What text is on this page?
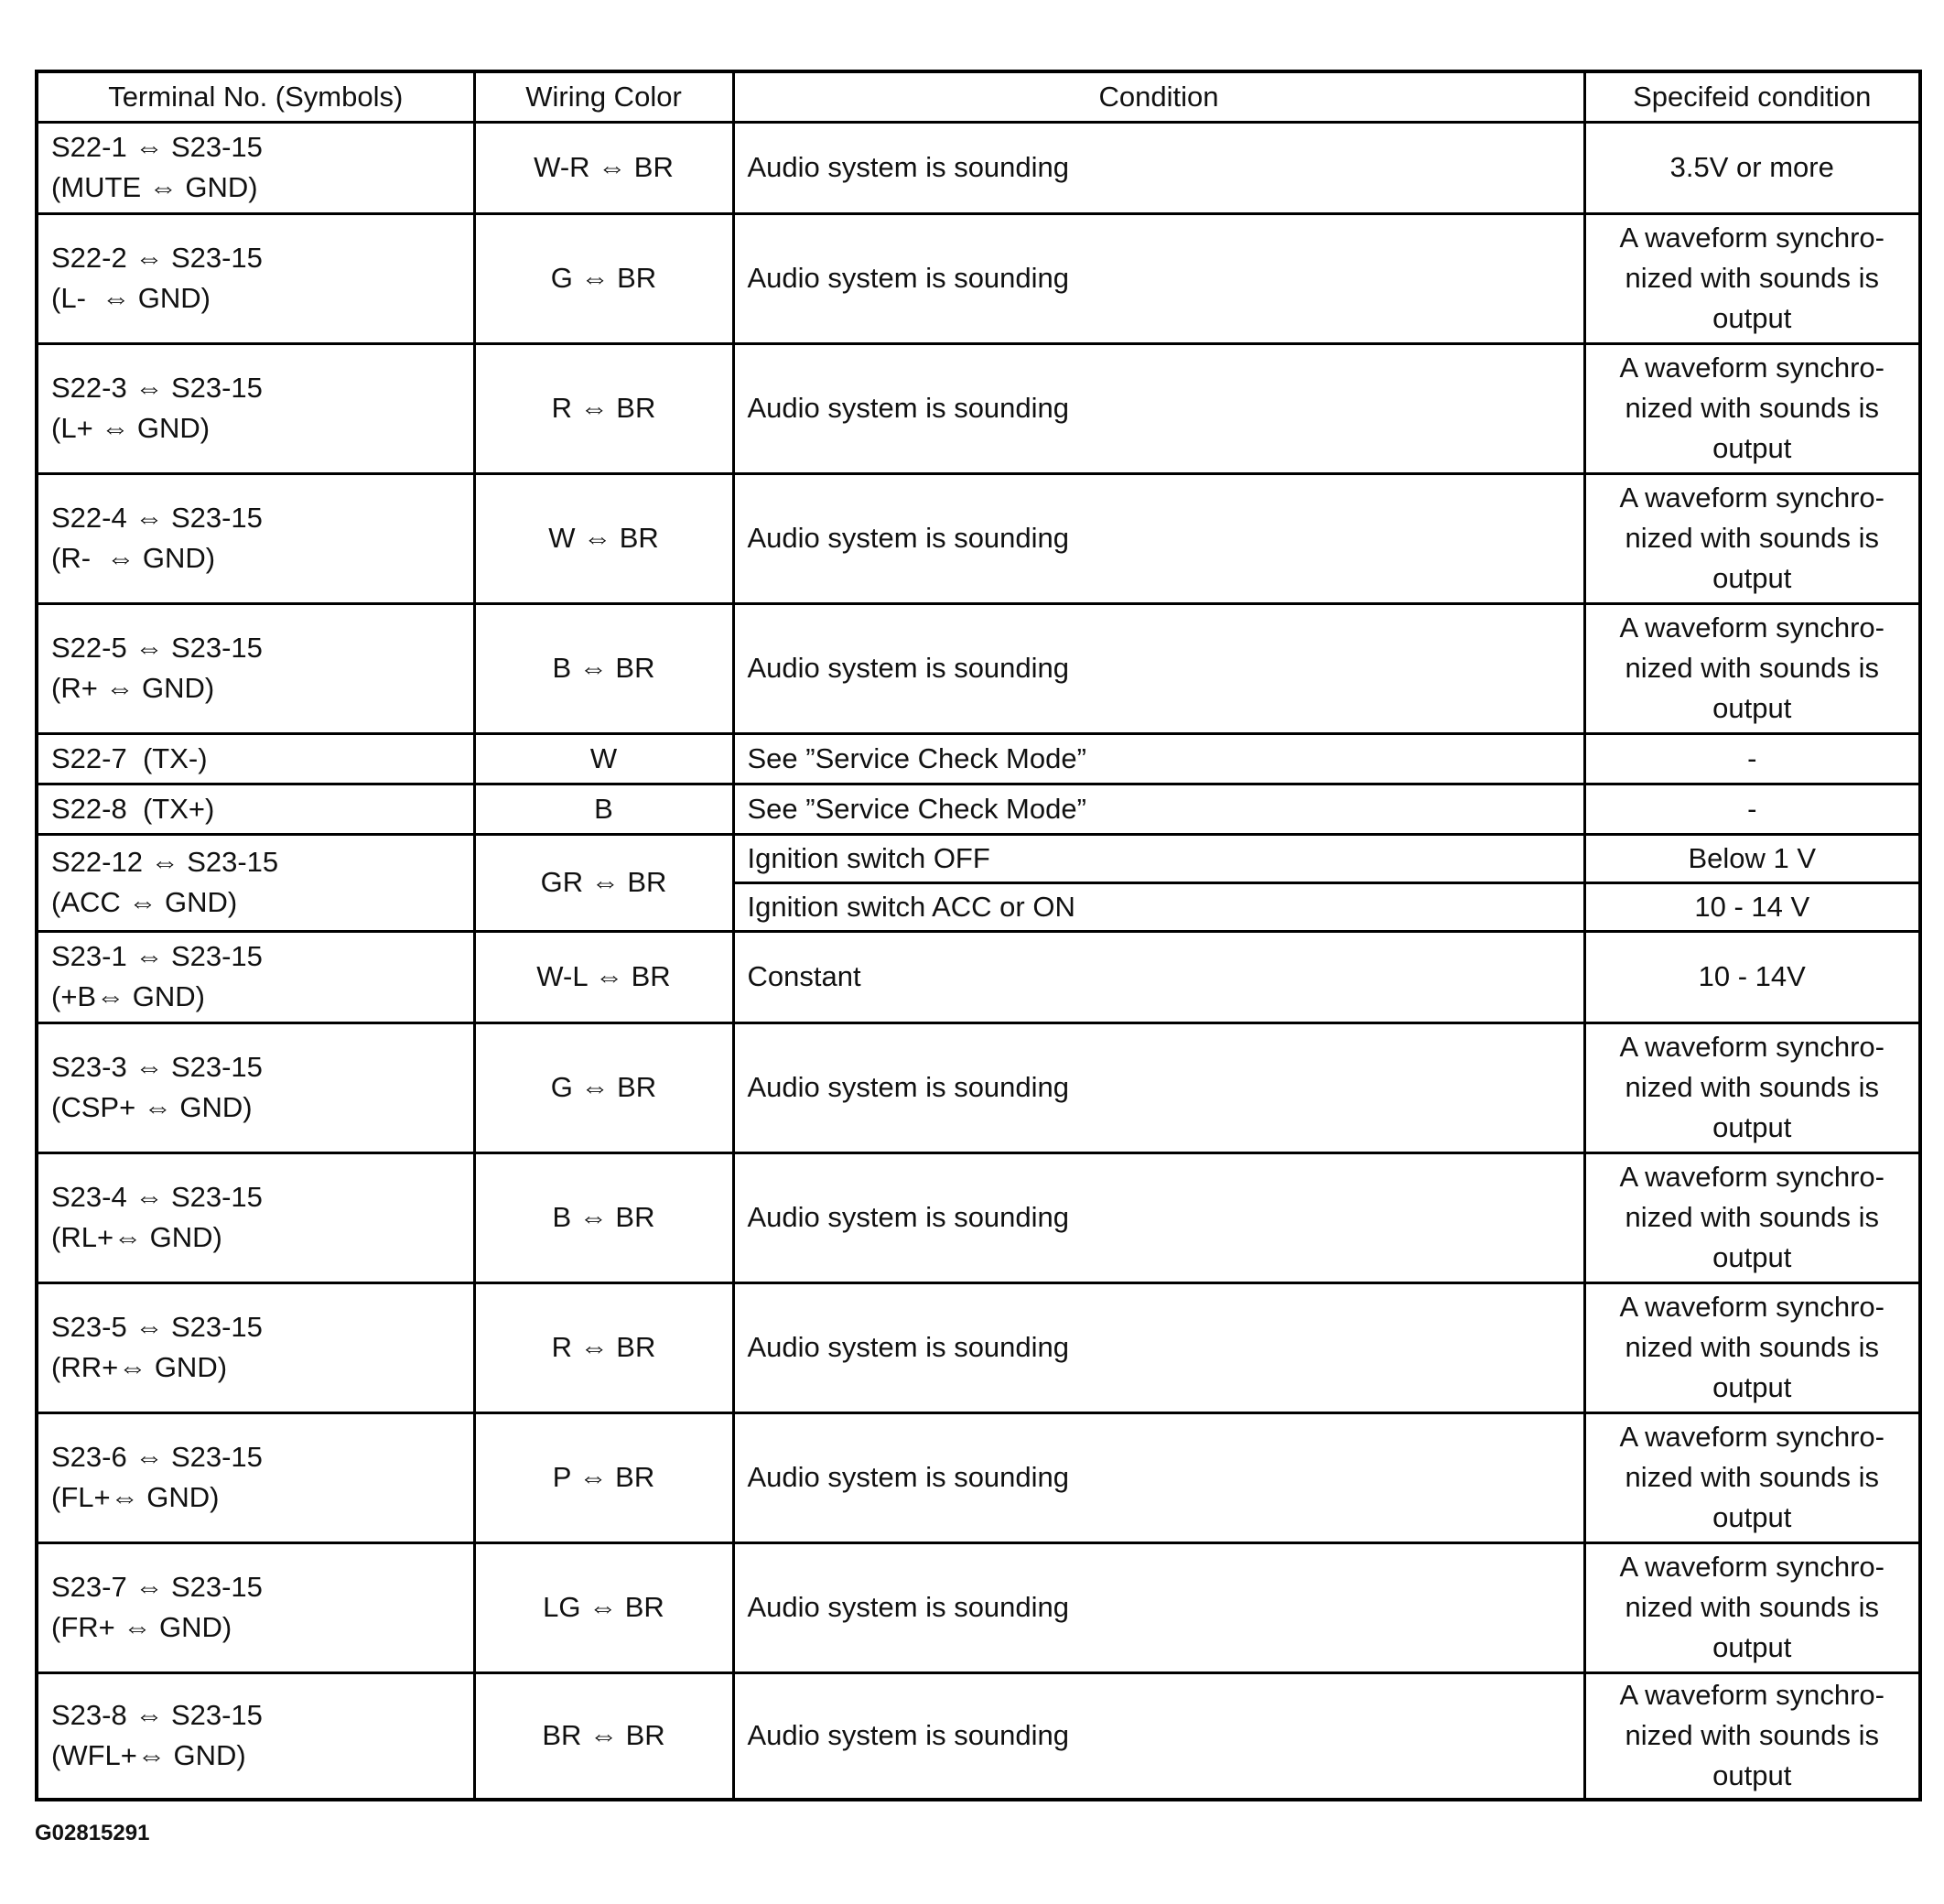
Terminal No. (Symbols)	Wiring Color	Condition	Specifeid condition

S22-1 ⇔ S23-15
(MUTE ⇔ GND)	W-R ⇔ BR	Audio system is sounding	3.5V or more

S22-2 ⇔ S23-15
(L-  ⇔ GND)	G ⇔ BR	Audio system is sounding	A waveform synchro-
nized with sounds is
output

S22-3 ⇔ S23-15
(L+ ⇔ GND)	R ⇔ BR	Audio system is sounding	A waveform synchro-
nized with sounds is
output

S22-4 ⇔ S23-15
(R-  ⇔ GND)	W ⇔ BR	Audio system is sounding	A waveform synchro-
nized with sounds is
output

S22-5 ⇔ S23-15
(R+ ⇔ GND)	B ⇔ BR	Audio system is sounding	A waveform synchro-
nized with sounds is
output

S22-7  (TX-)	W	See ”Service Check Mode”	-

S22-8  (TX+)	B	See ”Service Check Mode”	-

S22-12 ⇔ S23-15
(ACC ⇔ GND)	GR ⇔ BR	Ignition switch OFF	Below 1 V

		Ignition switch ACC or ON	10 - 14 V

S23-1 ⇔ S23-15
(+B⇔ GND)	W-L ⇔ BR	Constant	10 - 14V

S23-3 ⇔ S23-15
(CSP+ ⇔ GND)	G ⇔ BR	Audio system is sounding	A waveform synchro-
nized with sounds is
output

S23-4 ⇔ S23-15
(RL+⇔ GND)	B ⇔ BR	Audio system is sounding	A waveform synchro-
nized with sounds is
output

S23-5 ⇔ S23-15
(RR+⇔ GND)	R ⇔ BR	Audio system is sounding	A waveform synchro-
nized with sounds is
output

S23-6 ⇔ S23-15
(FL+⇔ GND)	P ⇔ BR	Audio system is sounding	A waveform synchro-
nized with sounds is
output

S23-7 ⇔ S23-15
(FR+ ⇔ GND)	LG ⇔ BR	Audio system is sounding	A waveform synchro-
nized with sounds is
output

S23-8 ⇔ S23-15
(WFL+⇔ GND)	BR ⇔ BR	Audio system is sounding	A waveform synchro-
nized with sounds is
output
G02815291
